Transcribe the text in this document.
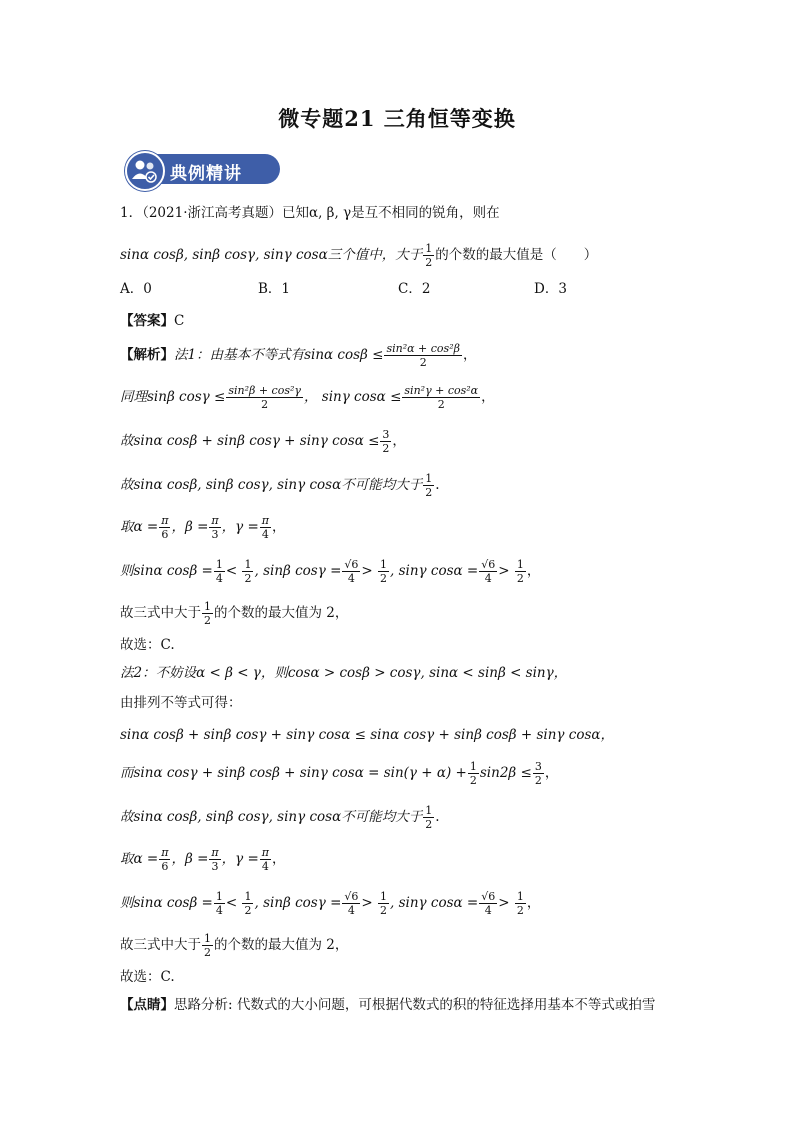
微专题21 三角恒等变换
典例精讲
1．（2021·浙江高考真题）已知α, β, γ是互不相同的锐角，则在
sinα cosβ, sinβ cosγ, sinγ cosα三个值中，大于 $\frac{1}{2}$ 的个数的最大值是（　　）
A．0	B．1	C．2	D．3
【答案】C
【解析】法1：由基本不等式有sinα $\cos\beta \le \frac{\text{sin²α + cos²β}}{2}$ ，
同理sinβ $\cos\gamma \le \frac{\text{sin²β + cos²γ}}{2}$ ， sinγ $\cos\alpha \le \frac{\text{sin²γ + cos²α}}{2}$ ，
故sinα cosβ + sinβ cosγ + sinγ $\cos\alpha \le \frac{3}{2}$ ，
故sinα cosβ, sinβ cosγ, sinγ cosα不可能均大于 $\frac{1}{2}$ .
取$\alpha = \frac{\pi}{6}$ ，$\beta = \frac{\pi}{3}$ ，$\gamma = \frac{\pi}{4}$ ，
则sinα $\cos\beta = \frac{1}{4} < \frac{1}{2}$ , sinβ $\cos\gamma = \frac{√6}{4} > \frac{1}{2}$ , sinγ $\cos\alpha = \frac{√6}{4} > \frac{1}{2}$ ，
故三式中大于 $\frac{1}{2}$ 的个数的最大值为 2，
故选：C.
法2：不妨设α < β < γ，则cosα > cosβ > cosγ, sinα < sinβ < sinγ，
由排列不等式可得：
sinα cosβ + sinβ cosγ + sinγ cosα ≤ sinα cosγ + sinβ cosβ + sinγ cosα，
而sinα cosγ + sinβ cosβ + sinγ $\cos\alpha = \sin(\gamma + \alpha) + \frac{1}{2} \sin 2\beta \le \frac{3}{2}$ ，
故sinα cosβ, sinβ cosγ, sinγ cosα不可能均大于 $\frac{1}{2}$ .
取$\alpha = \frac{\pi}{6}$ ，$\beta = \frac{\pi}{3}$ ，$\gamma = \frac{\pi}{4}$ ，
则sinα $\cos\beta = \frac{1}{4} < \frac{1}{2}$ , sinβ $\cos\gamma = \frac{√6}{4} > \frac{1}{2}$ , sinγ $\cos\alpha = \frac{√6}{4} > \frac{1}{2}$ ，
故三式中大于 $\frac{1}{2}$ 的个数的最大值为 2，
故选：C.
【点睛】思路分析: 代数式的大小问题，可根据代数式的积的特征选择用基本不等式或拍雪
